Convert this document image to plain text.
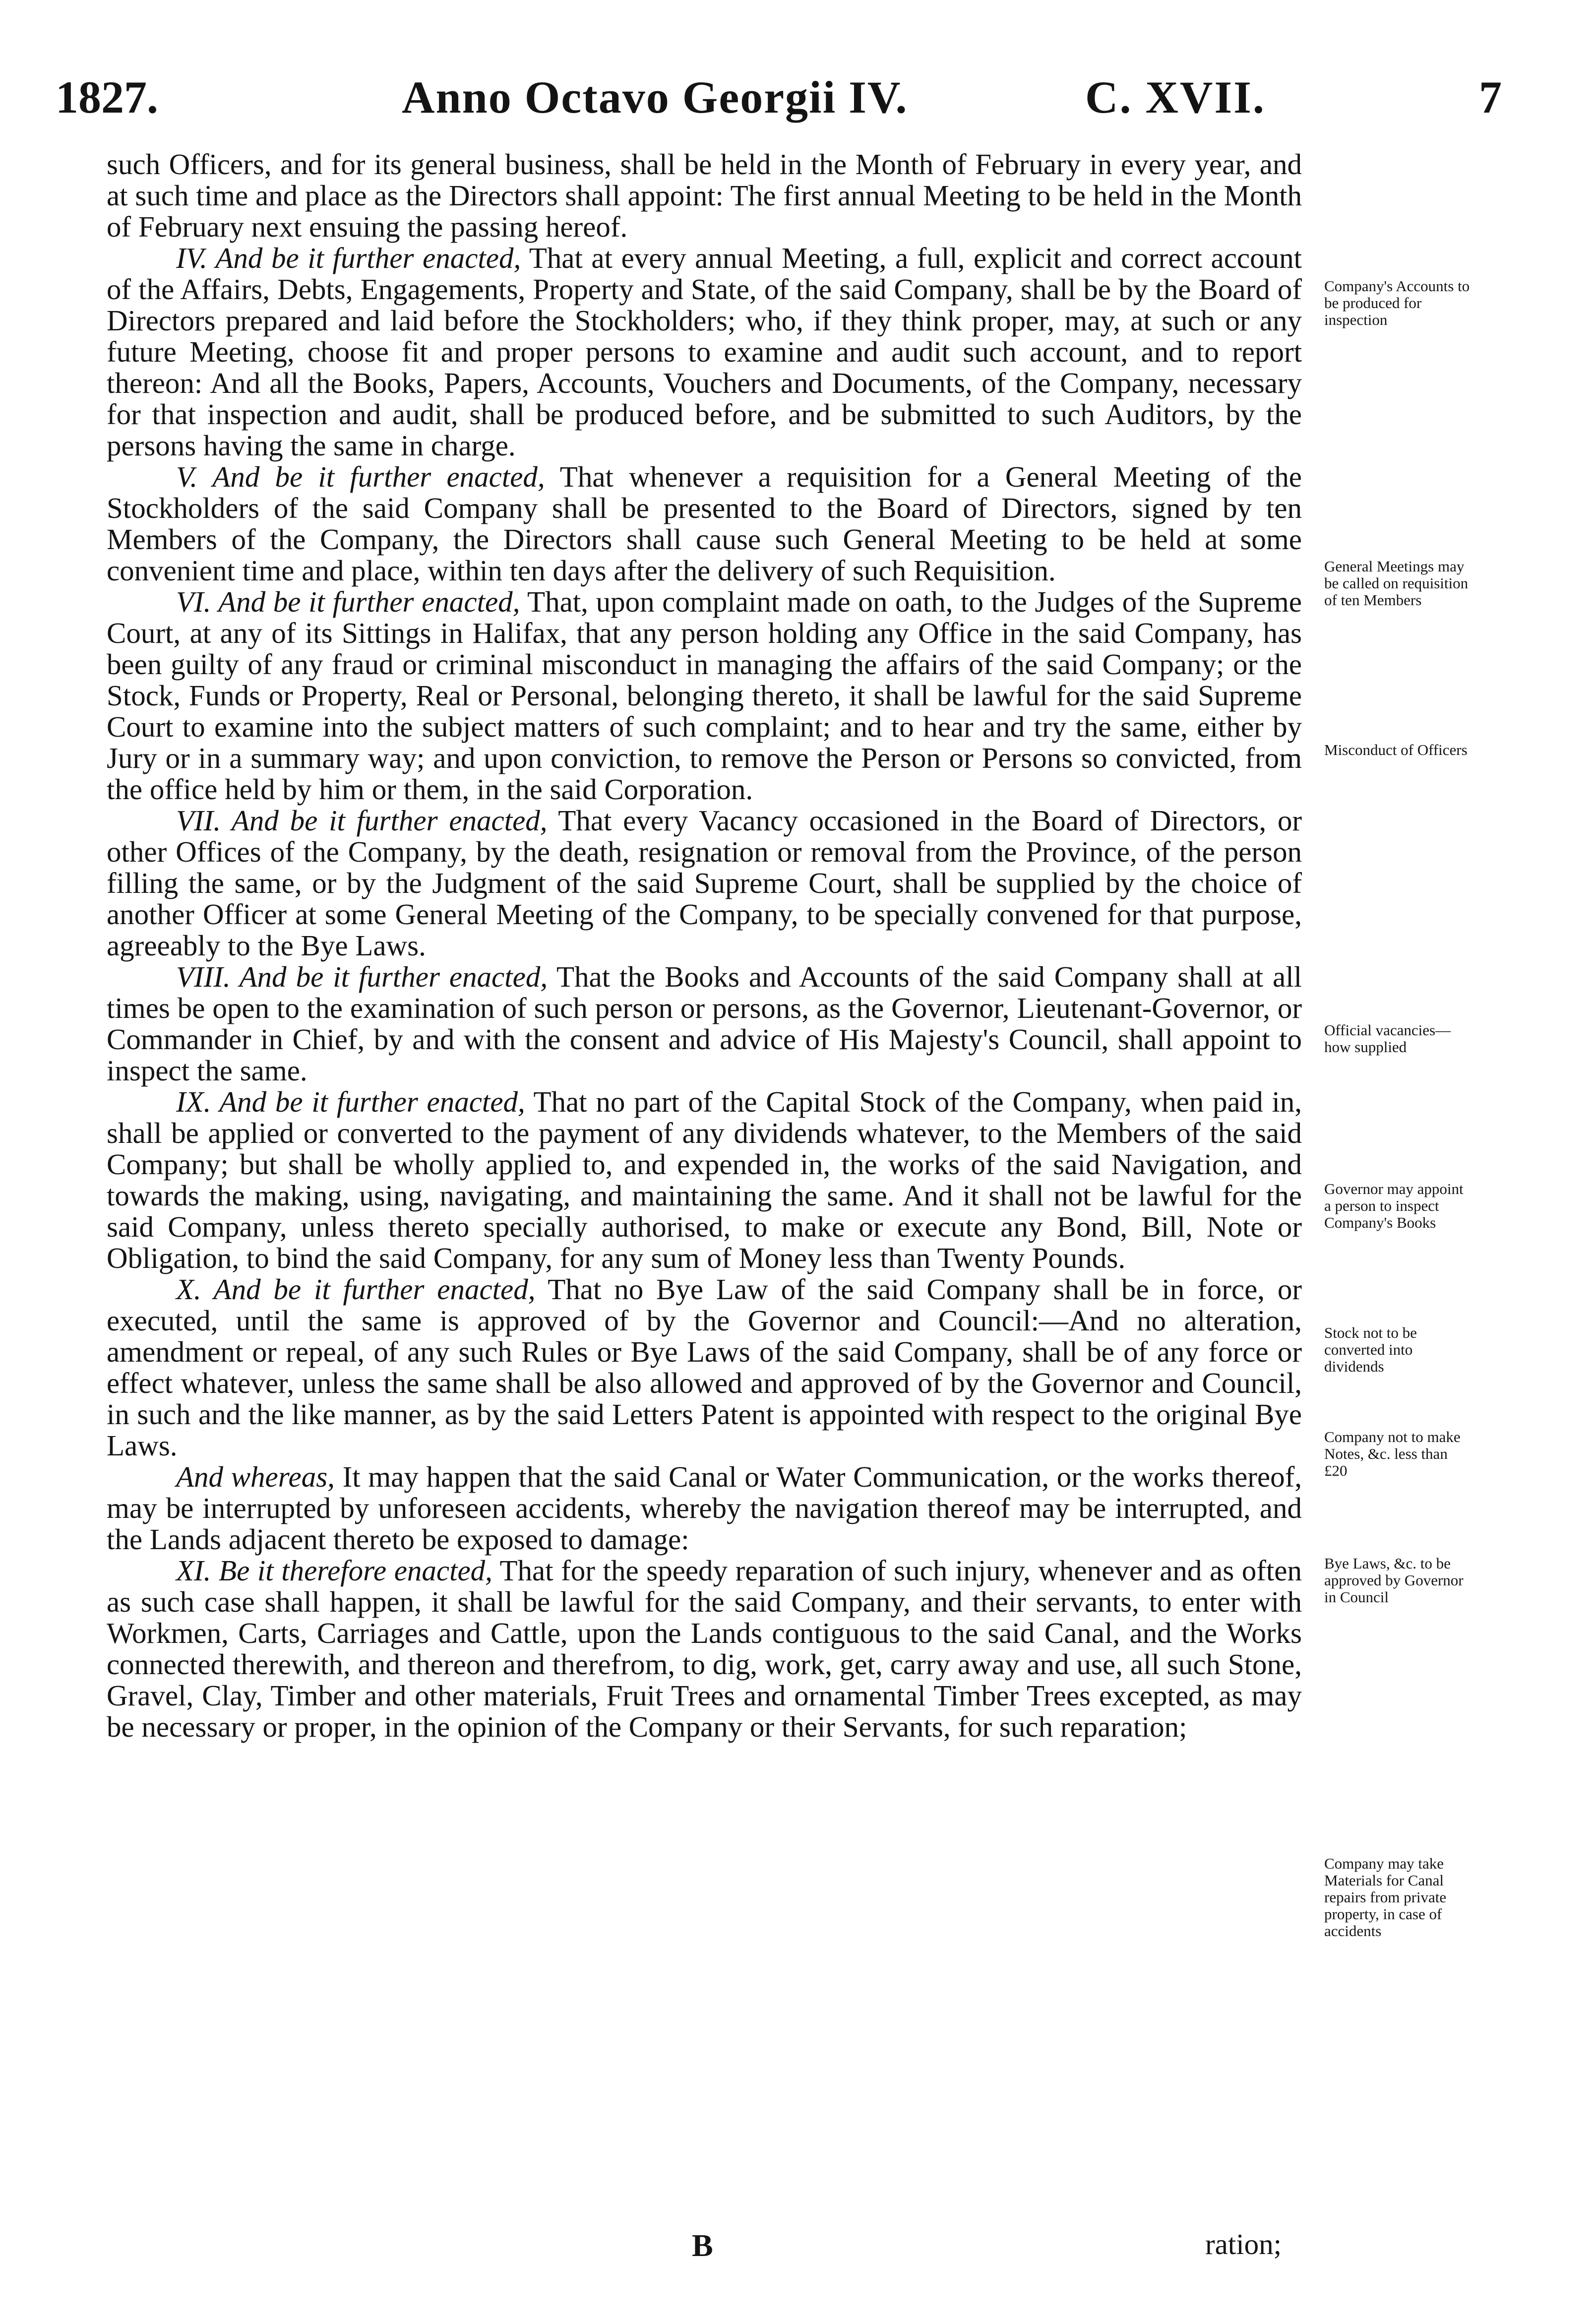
1827.	Anno Octavo Georgii IV.	C. XVII.	7

such Officers, and for its general business, shall be held in the Month of February in every year, and at such time and place as the Directors shall appoint: The first annual Meeting to be held in the Month of February next ensuing the passing hereof.

IV. And be it further enacted, That at every annual Meeting, a full, explicit and correct account of the Affairs, Debts, Engagements, Property and State, of the said Company, shall be by the Board of Directors prepared and laid before the Stockholders; who, if they think proper, may, at such or any future Meeting, choose fit and proper persons to examine and audit such account, and to report thereon: And all the Books, Papers, Accounts, Vouchers and Documents, of the Company, necessary for that inspection and audit, shall be produced before, and be submitted to such Auditors, by the persons having the same in charge.

V. And be it further enacted, That whenever a requisition for a General Meeting of the Stockholders of the said Company shall be presented to the Board of Directors, signed by ten Members of the Company, the Directors shall cause such General Meeting to be held at some convenient time and place, within ten days after the delivery of such Requisition.

VI. And be it further enacted, That, upon complaint made on oath, to the Judges of the Supreme Court, at any of its Sittings in Halifax, that any person holding any Office in the said Company, has been guilty of any fraud or criminal misconduct in managing the affairs of the said Company; or the Stock, Funds or Property, Real or Personal, belonging thereto, it shall be lawful for the said Supreme Court to examine into the subject matters of such complaint; and to hear and try the same, either by Jury or in a summary way; and upon conviction, to remove the Person or Persons so convicted, from the office held by him or them, in the said Corporation.

VII. And be it further enacted, That every Vacancy occasioned in the Board of Directors, or other Offices of the Company, by the death, resignation or removal from the Province, of the person filling the same, or by the Judgment of the said Supreme Court, shall be supplied by the choice of another Officer at some General Meeting of the Company, to be specially convened for that purpose, agreeably to the Bye Laws.

VIII. And be it further enacted, That the Books and Accounts of the said Company shall at all times be open to the examination of such person or persons, as the Governor, Lieutenant-Governor, or Commander in Chief, by and with the consent and advice of His Majesty's Council, shall appoint to inspect the same.

IX. And be it further enacted, That no part of the Capital Stock of the Company, when paid in, shall be applied or converted to the payment of any dividends whatever, to the Members of the said Company; but shall be wholly applied to, and expended in, the works of the said Navigation, and towards the making, using, navigating, and maintaining the same. And it shall not be lawful for the said Company, unless thereto specially authorised, to make or execute any Bond, Bill, Note or Obligation, to bind the said Company, for any sum of Money less than Twenty Pounds.

X. And be it further enacted, That no Bye Law of the said Company shall be in force, or executed, until the same is approved of by the Governor and Council:—And no alteration, amendment or repeal, of any such Rules or Bye Laws of the said Company, shall be of any force or effect whatever, unless the same shall be also allowed and approved of by the Governor and Council, in such and the like manner, as by the said Letters Patent is appointed with respect to the original Bye Laws.

And whereas, It may happen that the said Canal or Water Communication, or the works thereof, may be interrupted by unforeseen accidents, whereby the navigation thereof may be interrupted, and the Lands adjacent thereto be exposed to damage:

XI. Be it therefore enacted, That for the speedy reparation of such injury, whenever and as often as such case shall happen, it shall be lawful for the said Company, and their servants, to enter with Workmen, Carts, Carriages and Cattle, upon the Lands contiguous to the said Canal, and the Works connected therewith, and thereon and therefrom, to dig, work, get, carry away and use, all such Stone, Gravel, Clay, Timber and other materials, Fruit Trees and ornamental Timber Trees excepted, as may be necessary or proper, in the opinion of the Company or their Servants, for such reparation;

Company's Accounts to be produced for inspection
General Meetings may be called on requisition of ten Members
Misconduct of Officers
Official vacancies—how supplied
Governor may appoint a person to inspect Company's Books
Stock not to be converted into dividends
Company not to make Notes, &c. less than £20
Bye Laws, &c. to be approved by Governor in Council
Company may take Materials for Canal repairs from private property, in case of accidents
B	ration;
